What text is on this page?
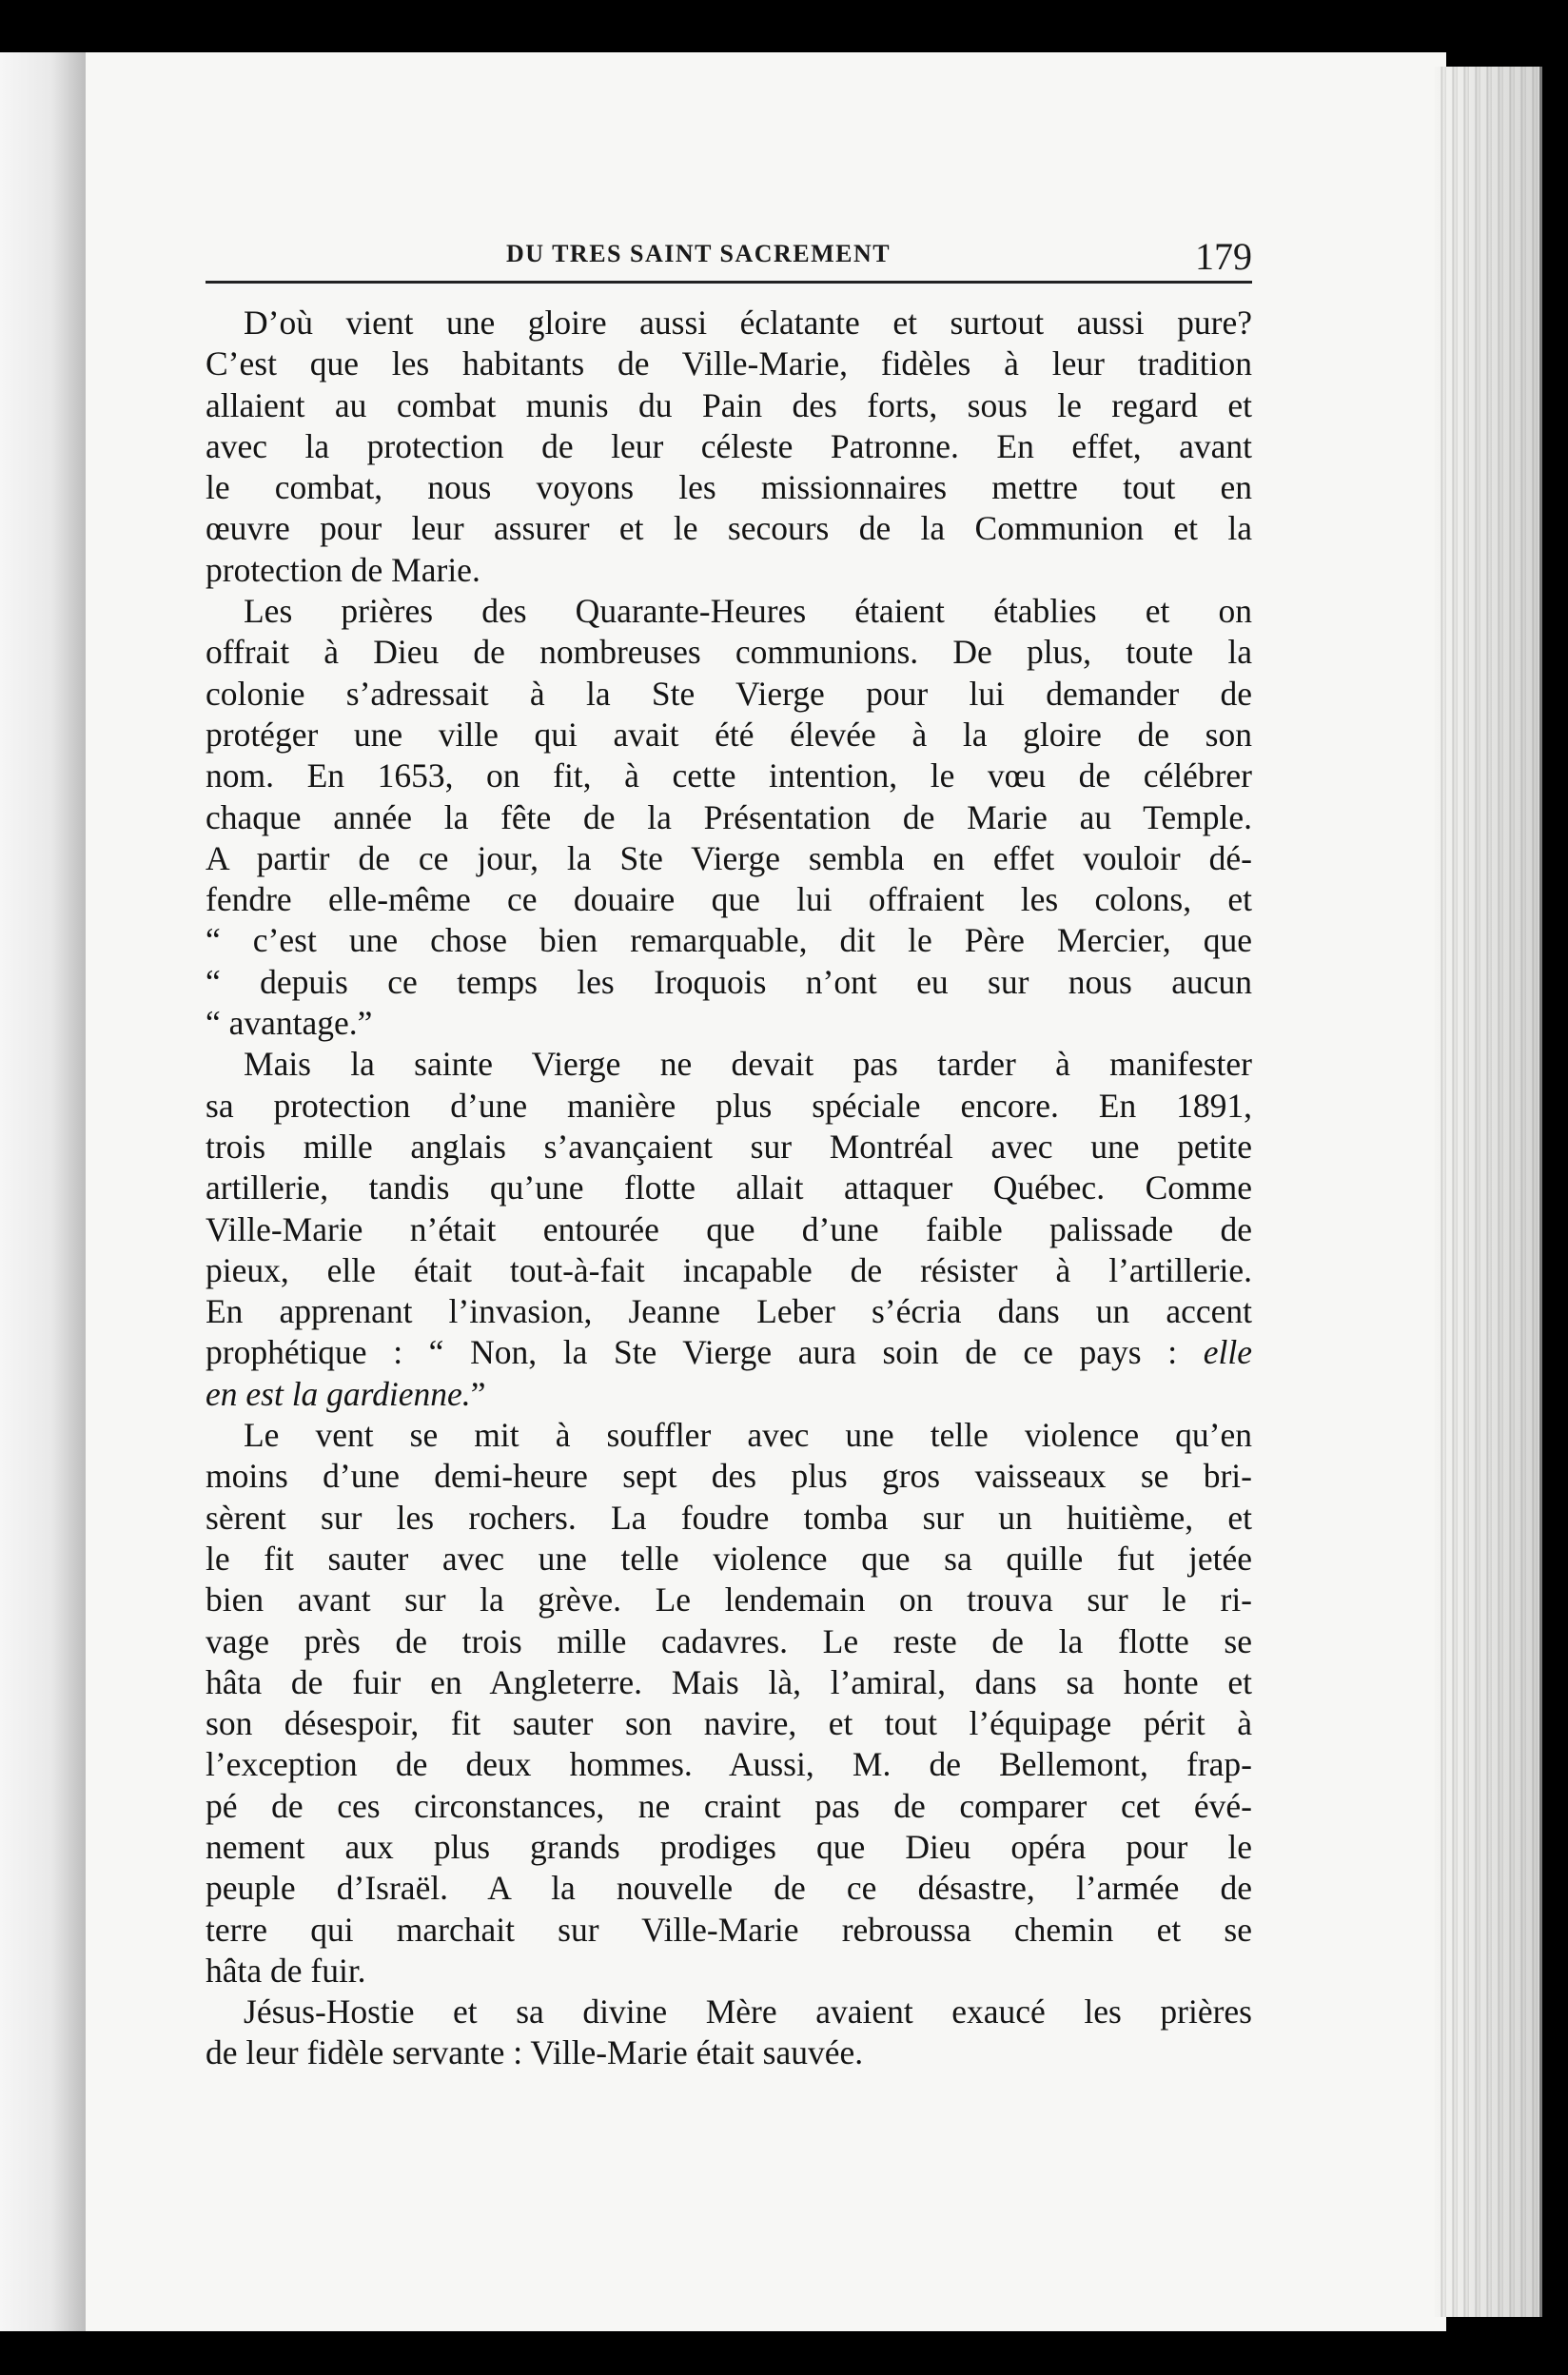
DU TRES SAINT SACREMENT	179

D’où vient une gloire aussi éclatante et surtout aussi pure?
C’est que les habitants de Ville-Marie, fidèles à leur tradition
allaient au combat munis du Pain des forts, sous le regard et
avec la protection de leur céleste Patronne. En effet, avant
le combat, nous voyons les missionnaires mettre tout en
œuvre pour leur assurer et le secours de la Communion et la
protection de Marie.

Les prières des Quarante-Heures étaient établies et on
offrait à Dieu de nombreuses communions. De plus, toute la
colonie s’adressait à la Ste Vierge pour lui demander de
protéger une ville qui avait été élevée à la gloire de son
nom. En 1653, on fit, à cette intention, le vœu de célébrer
chaque année la fête de la Présentation de Marie au Temple.
A partir de ce jour, la Ste Vierge sembla en effet vouloir dé-
fendre elle-même ce douaire que lui offraient les colons, et
“ c’est une chose bien remarquable, dit le Père Mercier, que
“ depuis ce temps les Iroquois n’ont eu sur nous aucun
“ avantage.”

Mais la sainte Vierge ne devait pas tarder à manifester
sa protection d’une manière plus spéciale encore. En 1891,
trois mille anglais s’avançaient sur Montréal avec une petite
artillerie, tandis qu’une flotte allait attaquer Québec. Comme
Ville-Marie n’était entourée que d’une faible palissade de
pieux, elle était tout-à-fait incapable de résister à l’artillerie.
En apprenant l’invasion, Jeanne Leber s’écria dans un accent
prophétique : “ Non, la Ste Vierge aura soin de ce pays : elle
en est la gardienne.”

Le vent se mit à souffler avec une telle violence qu’en
moins d’une demi-heure sept des plus gros vaisseaux se bri-
sèrent sur les rochers. La foudre tomba sur un huitième, et
le fit sauter avec une telle violence que sa quille fut jetée
bien avant sur la grève. Le lendemain on trouva sur le ri-
vage près de trois mille cadavres. Le reste de la flotte se
hâta de fuir en Angleterre. Mais là, l’amiral, dans sa honte et
son désespoir, fit sauter son navire, et tout l’équipage périt à
l’exception de deux hommes. Aussi, M. de Bellemont, frap-
pé de ces circonstances, ne craint pas de comparer cet évé-
nement aux plus grands prodiges que Dieu opéra pour le
peuple d’Israël. A la nouvelle de ce désastre, l’armée de
terre qui marchait sur Ville-Marie rebroussa chemin et se
hâta de fuir.

Jésus-Hostie et sa divine Mère avaient exaucé les prières
de leur fidèle servante : Ville-Marie était sauvée.
